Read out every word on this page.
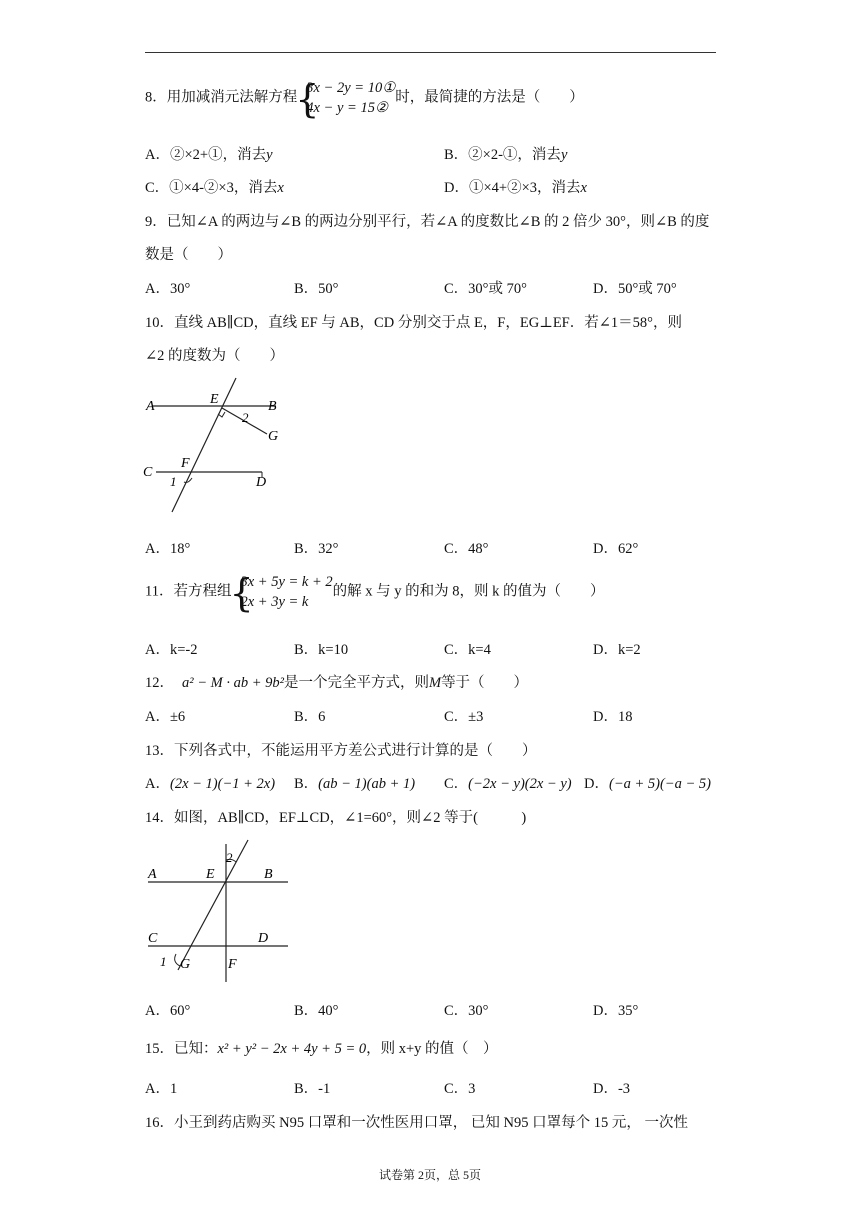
8．用加减消元法解方程
{ 3x − 2y = 10①
4x − y = 15②
时，最简捷的方法是（　　）
A．②×2+①，消去y	B．②×2-①，消去y
C．①×4-②×3，消去x	D．①×4+②×3，消去x
9．已知∠A 的两边与∠B 的两边分别平行，若∠A 的度数比∠B 的 2 倍少 30°，则∠B 的度
数是（　　）
A．30°	B．50°	C．30°或 70°	D．50°或 70°
10．直线 AB∥CD，直线 EF 与 AB，CD 分别交于点 E，F，EG⊥EF．若∠1＝58°，则
∠2 的度数为（　　）
A	E	B
2
G
C
F
D
1
A．18°	B．32°	C．48°	D．62°
11．若方程组
{ 3x + 5y = k + 2
2x + 3y = k
的解 x 与 y 的和为 8，则 k 的值为（　　）
A．k=-2	B．k=10	C．k=4	D．k=2
12． a² − M · ab + 9b²是一个完全平方式，则M等于（　　）
A．±6	B．6	C．±3	D．18
13．下列各式中，不能运用平方差公式进行计算的是（　　）
A．(2x − 1)(−1 + 2x) B．(ab − 1)(ab + 1) C．(−2x − y)(2x − y) D．(−a + 5)(−a − 5)
14．如图，AB∥CD，EF⊥CD，∠1=60°，则∠2 等于(　　　)
A	E	B
2
C	D
1 G	F
A．60°	B．40°	C．30°	D．35°
15．已知：x² + y² − 2x + 4y + 5 = 0，则 x+y 的值（　）
A．1	B．-1	C．3	D．-3
16．小王到药店购买 N95 口罩和一次性医用口罩， 已知 N95 口罩每个 15 元， 一次性
试卷第 2页，总 5页
